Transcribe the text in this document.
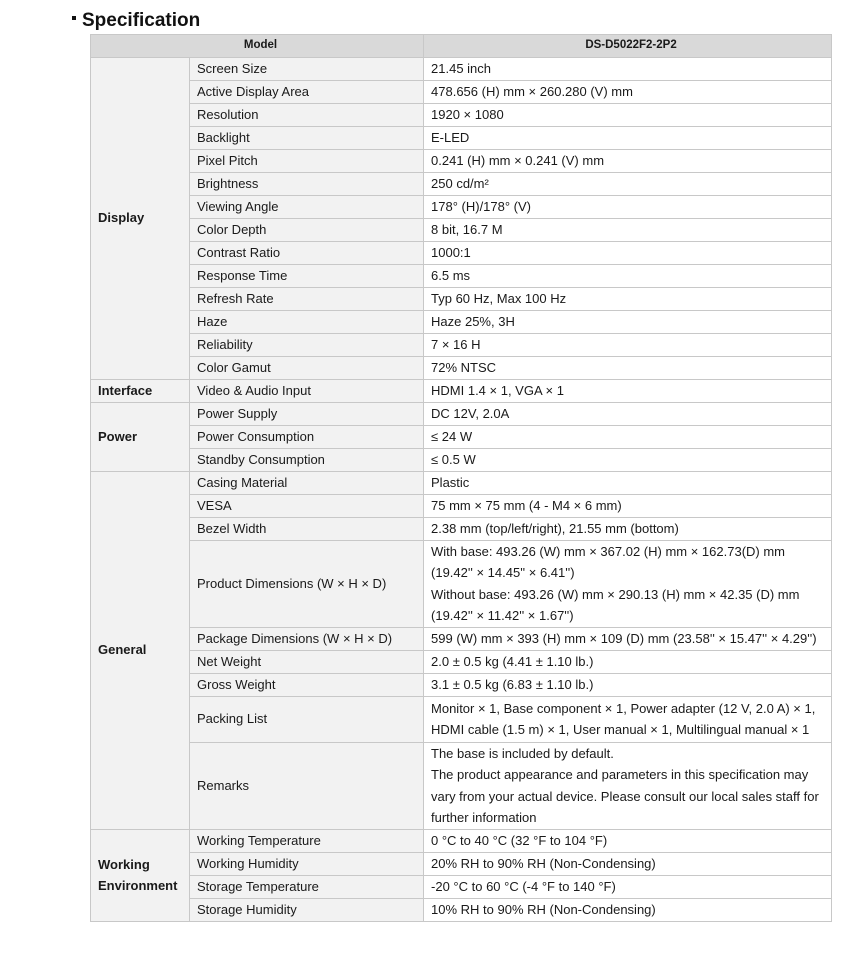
Specification
Model		DS-D5022F2-2P2
Display	Screen Size	21.45 inch

	Active Display Area	478.656 (H) mm × 260.280 (V) mm

	Resolution	1920 × 1080

	Backlight	E-LED

	Pixel Pitch	0.241 (H) mm × 0.241 (V) mm

	Brightness	250 cd/m²

	Viewing Angle	178° (H)/178° (V)

	Color Depth	8 bit, 16.7 M

	Contrast Ratio	1000:1

	Response Time	6.5 ms

	Refresh Rate	Typ 60 Hz, Max 100 Hz

	Haze	Haze 25%, 3H

	Reliability	7 × 16 H

	Color Gamut	72% NTSC

Interface	Video & Audio Input	HDMI 1.4 × 1, VGA × 1

Power	Power Supply	DC 12V, 2.0A

	Power Consumption	≤ 24 W

	Standby Consumption	≤ 0.5 W

General	Casing Material	Plastic

	VESA	75 mm × 75 mm (4 - M4 × 6 mm)

	Bezel Width	2.38 mm (top/left/right), 21.55 mm (bottom)

	Product Dimensions (W × H × D)	With base: 493.26 (W) mm × 367.02 (H) mm × 162.73(D) mm
(19.42'' × 14.45'' × 6.41'')
Without base: 493.26 (W) mm × 290.13 (H) mm × 42.35 (D) mm
(19.42'' × 11.42'' × 1.67'')

	Package Dimensions (W × H × D)	599 (W) mm × 393 (H) mm × 109 (D) mm (23.58'' × 15.47'' × 4.29'')

	Net Weight	2.0 ± 0.5 kg (4.41 ± 1.10 lb.)

	Gross Weight	3.1 ± 0.5 kg (6.83 ± 1.10 lb.)

	Packing List	Monitor × 1, Base component × 1, Power adapter (12 V, 2.0 A) × 1,
HDMI cable (1.5 m) × 1, User manual × 1, Multilingual manual × 1

	Remarks	The base is included by default.
The product appearance and parameters in this specification may
vary from your actual device. Please consult our local sales staff for
further information

Working
Environment	Working Temperature	0 °C to 40 °C (32 °F to 104 °F)

	Working Humidity	20% RH to 90% RH (Non-Condensing)

	Storage Temperature	-20 °C to 60 °C (-4 °F to 140 °F)

	Storage Humidity	10% RH to 90% RH (Non-Condensing)
